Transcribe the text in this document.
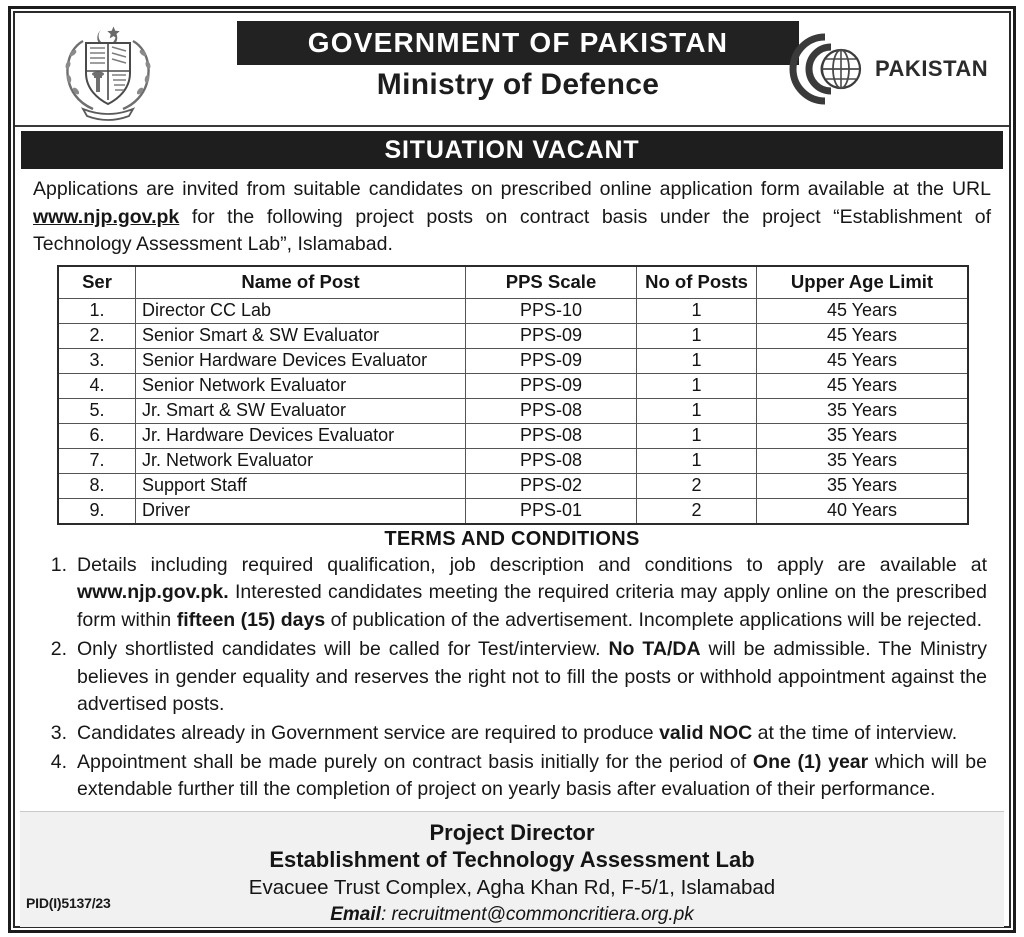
GOVERNMENT OF PAKISTAN
Ministry of Defence	PAKISTAN
SITUATION VACANT
Applications are invited from suitable candidates on prescribed online application form available at the URL www.njp.gov.pk for the following project posts on contract basis under the project “Establishment of Technology Assessment Lab”, Islamabad.
Ser	Name of Post	PPS Scale	No of Posts	Upper Age Limit
1.	Director CC Lab	PPS-10	1	45 Years
2.	Senior Smart & SW Evaluator	PPS-09	1	45 Years
3.	Senior Hardware Devices Evaluator	PPS-09	1	45 Years
4.	Senior Network Evaluator	PPS-09	1	45 Years
5.	Jr. Smart & SW Evaluator	PPS-08	1	35 Years
6.	Jr. Hardware Devices Evaluator	PPS-08	1	35 Years
7.	Jr. Network Evaluator	PPS-08	1	35 Years
8.	Support Staff	PPS-02	2	35 Years
9.	Driver	PPS-01	2	40 Years
TERMS AND CONDITIONS
1. Details including required qualification, job description and conditions to apply are available at www.njp.gov.pk. Interested candidates meeting the required criteria may apply online on the prescribed form within fifteen (15) days of publication of the advertisement. Incomplete applications will be rejected.
2. Only shortlisted candidates will be called for Test/interview. No TA/DA will be admissible. The Ministry believes in gender equality and reserves the right not to fill the posts or withhold appointment against the advertised posts.
3. Candidates already in Government service are required to produce valid NOC at the time of interview.
4. Appointment shall be made purely on contract basis initially for the period of One (1) year which will be extendable further till the completion of project on yearly basis after evaluation of their performance.
Project Director
Establishment of Technology Assessment Lab
Evacuee Trust Complex, Agha Khan Rd, F-5/1, Islamabad
Email: recruitment@commoncritiera.org.pk
PID(I)5137/23
